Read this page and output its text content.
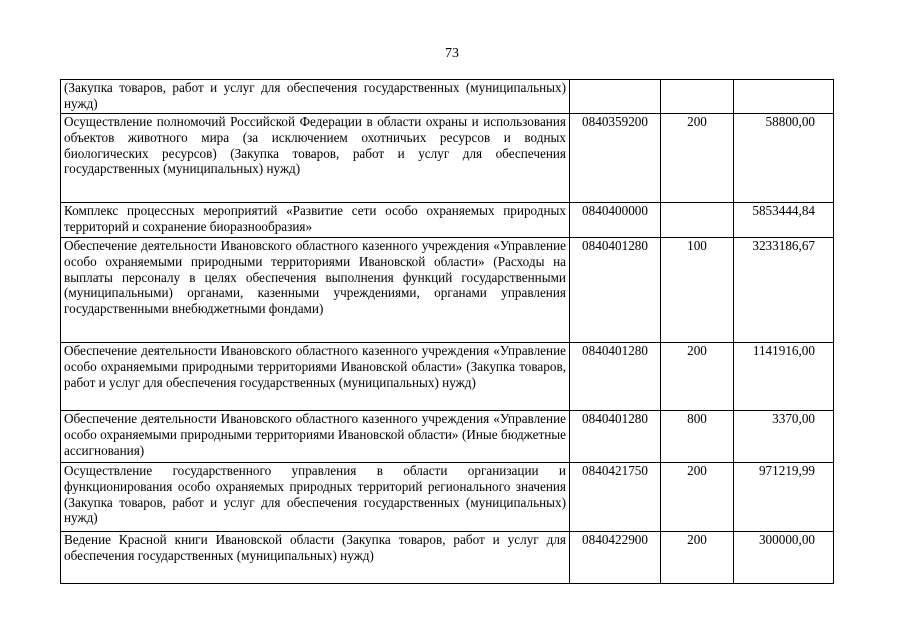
73
(Закупка товаров, работ и услуг для обеспечения государственных (муниципальных) нужд)			
Осуществление полномочий Российской Федерации в области охраны и использования объектов животного мира (за исключением охотничьих ресурсов и водных биологических ресурсов) (Закупка товаров, работ и услуг для обеспечения государственных (муниципальных) нужд)	0840359200	200	58800,00
Комплекс процессных мероприятий «Развитие сети особо охраняемых природных территорий и сохранение биоразнообразия»	0840400000		5853444,84
Обеспечение деятельности Ивановского областного казенного учреждения «Управление особо охраняемыми природными территориями Ивановской области» (Расходы на выплаты персоналу в целях обеспечения выполнения функций государственными (муниципальными) органами, казенными учреждениями, органами управления государственными внебюджетными фондами)	0840401280	100	3233186,67
Обеспечение деятельности Ивановского областного казенного учреждения «Управление особо охраняемыми природными территориями Ивановской области» (Закупка товаров, работ и услуг для обеспечения государственных (муниципальных) нужд)	0840401280	200	1141916,00
Обеспечение деятельности Ивановского областного казенного учреждения «Управление особо охраняемыми природными территориями Ивановской области» (Иные бюджетные ассигнования)	0840401280	800	3370,00
Осуществление государственного управления в области организации и функционирования особо охраняемых природных территорий регионального значения (Закупка товаров, работ и услуг для обеспечения государственных (муниципальных) нужд)	0840421750	200	971219,99
Ведение Красной книги Ивановской области (Закупка товаров, работ и услуг для обеспечения государственных (муниципальных) нужд)	0840422900	200	300000,00
